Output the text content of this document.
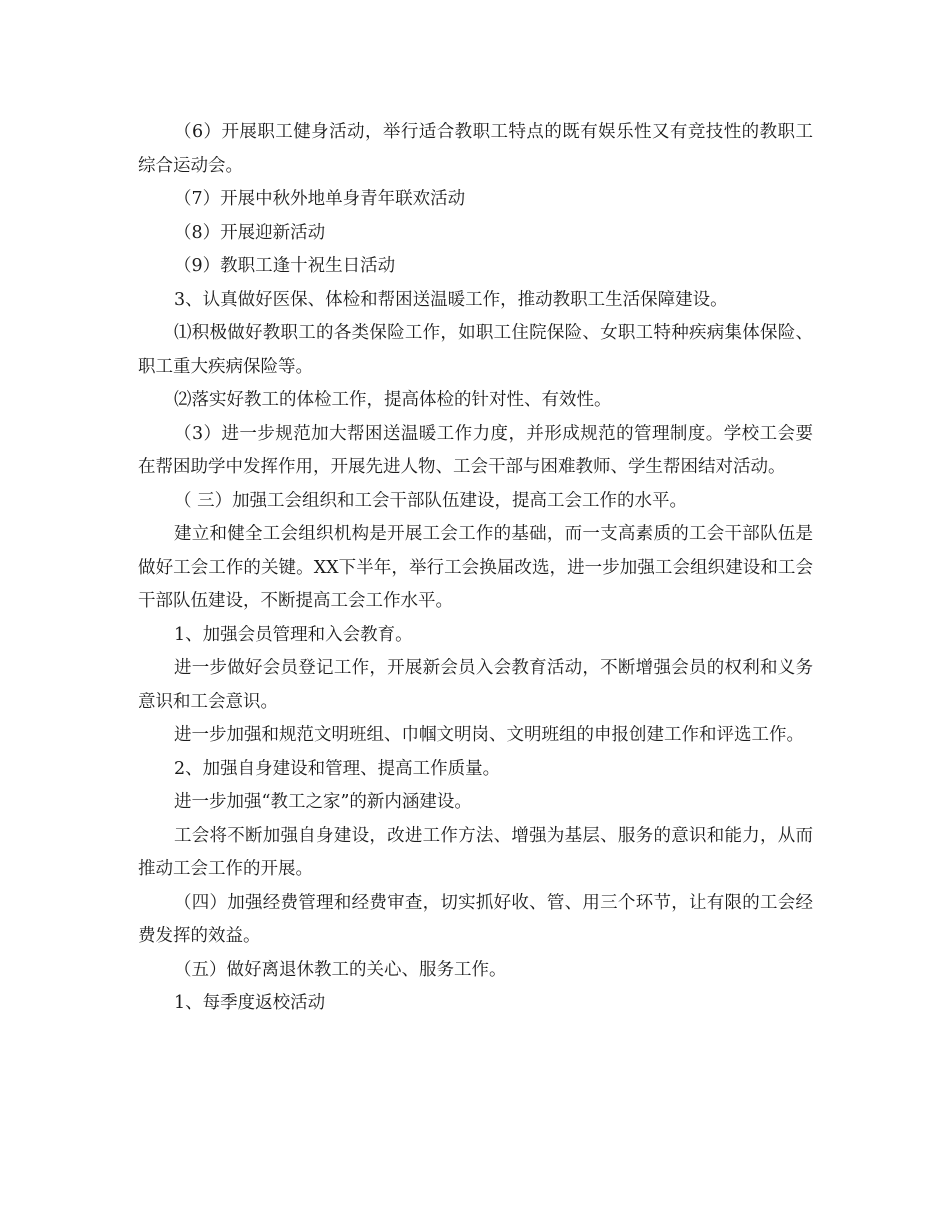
（6）开展职工健身活动，举行适合教职工特点的既有娱乐性又有竞技性的教职工综合运动会。

（7）开展中秋外地单身青年联欢活动

（8）开展迎新活动

（9）教职工逢十祝生日活动

3、认真做好医保、体检和帮困送温暖工作，推动教职工生活保障建设。

⑴积极做好教职工的各类保险工作，如职工住院保险、女职工特种疾病集体保险、职工重大疾病保险等。

⑵落实好教工的体检工作，提高体检的针对性、有效性。

（3）进一步规范加大帮困送温暖工作力度，并形成规范的管理制度。学校工会要在帮困助学中发挥作用，开展先进人物、工会干部与困难教师、学生帮困结对活动。

（ 三）加强工会组织和工会干部队伍建设，提高工会工作的水平。

建立和健全工会组织机构是开展工会工作的基础，而一支高素质的工会干部队伍是做好工会工作的关键。XX下半年，举行工会换届改选，进一步加强工会组织建设和工会干部队伍建设，不断提高工会工作水平。

1、加强会员管理和入会教育。

进一步做好会员登记工作，开展新会员入会教育活动，不断增强会员的权利和义务意识和工会意识。

进一步加强和规范文明班组、巾帼文明岗、文明班组的申报创建工作和评选工作。

2、加强自身建设和管理、提高工作质量。

进一步加强“教工之家”的新内涵建设。

工会将不断加强自身建设，改进工作方法、增强为基层、服务的意识和能力，从而推动工会工作的开展。

（四）加强经费管理和经费审查，切实抓好收、管、用三个环节，让有限的工会经费发挥的效益。

（五）做好离退休教工的关心、服务工作。

1、每季度返校活动
